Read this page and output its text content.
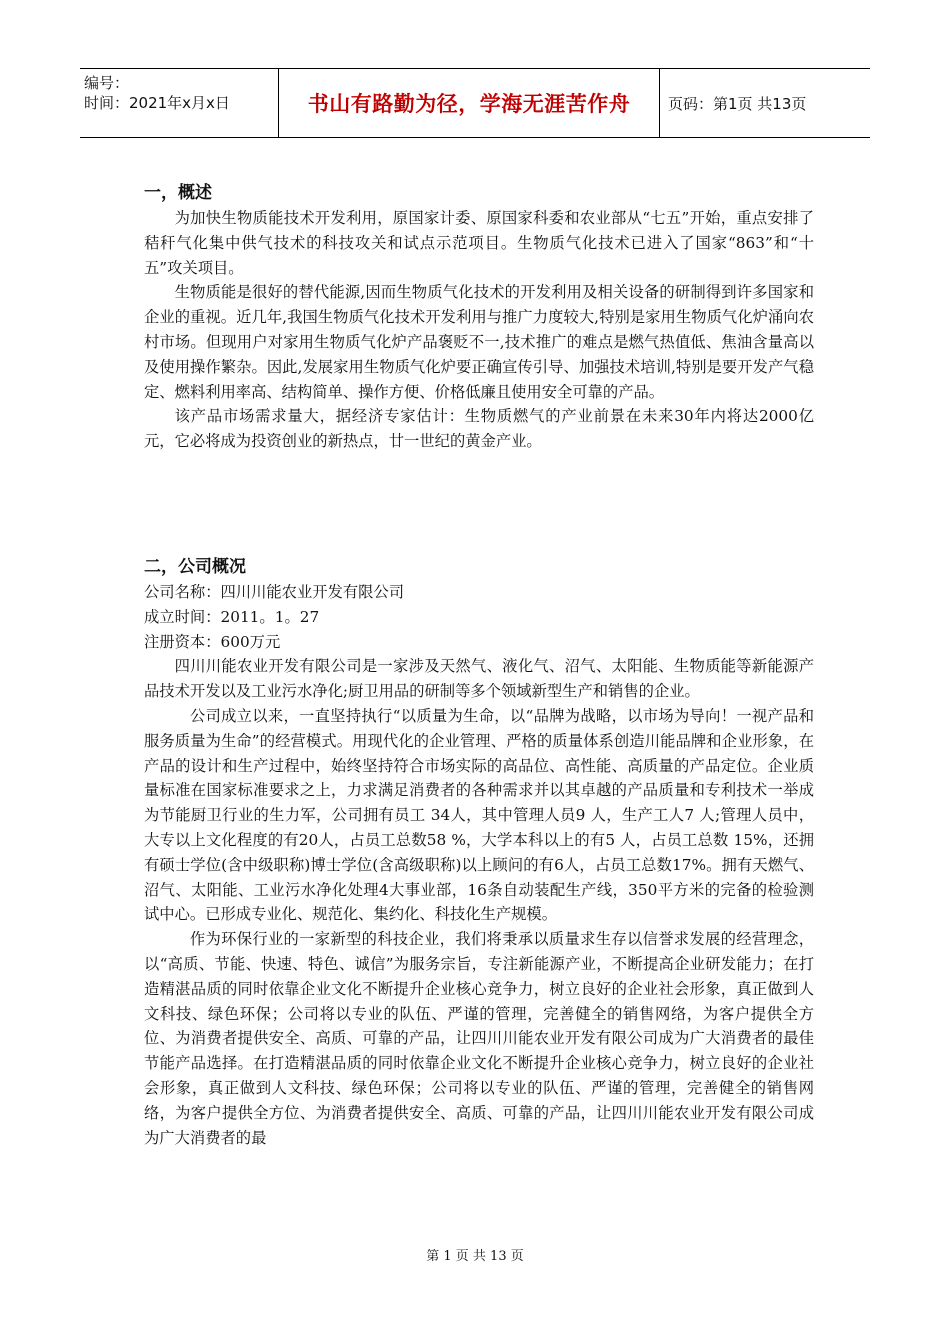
编号：
时间：2021年x月x日	书山有路勤为径，学海无涯苦作舟	页码：第1页 共13页
一，概述

为加快生物质能技术开发利用，原国家计委、原国家科委和农业部从“七五”开始，重点安排了秸秆气化集中供气技术的科技攻关和试点示范项目。生物质气化技术已进入了国家“863”和“十五”攻关项目。

生物质能是很好的替代能源,因而生物质气化技术的开发利用及相关设备的研制得到许多国家和企业的重视。近几年,我国生物质气化技术开发利用与推广力度较大,特别是家用生物质气化炉涌向农村市场。但现用户对家用生物质气化炉产品褒贬不一,技术推广的难点是燃气热值低、焦油含量高以及使用操作繁杂。因此,发展家用生物质气化炉要正确宣传引导、加强技术培训,特别是要开发产气稳定、燃料利用率高、结构简单、操作方便、价格低廉且使用安全可靠的产品。

该产品市场需求量大，据经济专家估计：生物质燃气的产业前景在未来30年内将达2000亿元，它必将成为投资创业的新热点，廿一世纪的黄金产业。

二，公司概况

公司名称：四川川能农业开发有限公司

成立时间：2011。1。27

注册资本：600万元

四川川能农业开发有限公司是一家涉及天然气、液化气、沼气、太阳能、生物质能等新能源产品技术开发以及工业污水净化;厨卫用品的研制等多个领域新型生产和销售的企业。

公司成立以来，一直坚持执行“以质量为生命，以“品牌为战略，以市场为导向！一视产品和服务质量为生命”的经营模式。用现代化的企业管理、严格的质量体系创造川能品牌和企业形象，在产品的设计和生产过程中，始终坚持符合市场实际的高品位、高性能、高质量的产品定位。企业质量标准在国家标准要求之上，力求满足消费者的各种需求并以其卓越的产品质量和专利技术一举成为节能厨卫行业的生力军，公司拥有员工 34人，其中管理人员9 人，生产工人7 人;管理人员中，大专以上文化程度的有20人，占员工总数58 %，大学本科以上的有5 人，占员工总数 15%，还拥有硕士学位(含中级职称)博士学位(含高级职称)以上顾问的有6人，占员工总数17%。拥有天燃气、沼气、太阳能、工业污水净化处理4大事业部，16条自动装配生产线，350平方米的完备的检验测试中心。已形成专业化、规范化、集约化、科技化生产规模。

作为环保行业的一家新型的科技企业，我们将秉承以质量求生存以信誉求发展的经营理念，以“高质、节能、快速、特色、诚信”为服务宗旨，专注新能源产业，不断提高企业研发能力；在打造精湛品质的同时依靠企业文化不断提升企业核心竞争力，树立良好的企业社会形象，真正做到人文科技、绿色环保；公司将以专业的队伍、严谨的管理，完善健全的销售网络，为客户提供全方位、为消费者提供安全、高质、可靠的产品，让四川川能农业开发有限公司成为广大消费者的最佳节能产品选择。在打造精湛品质的同时依靠企业文化不断提升企业核心竞争力，树立良好的企业社会形象，真正做到人文科技、绿色环保；公司将以专业的队伍、严谨的管理，完善健全的销售网络，为客户提供全方位、为消费者提供安全、高质、可靠的产品，让四川川能农业开发有限公司成为广大消费者的最

第 1 页 共 13 页
